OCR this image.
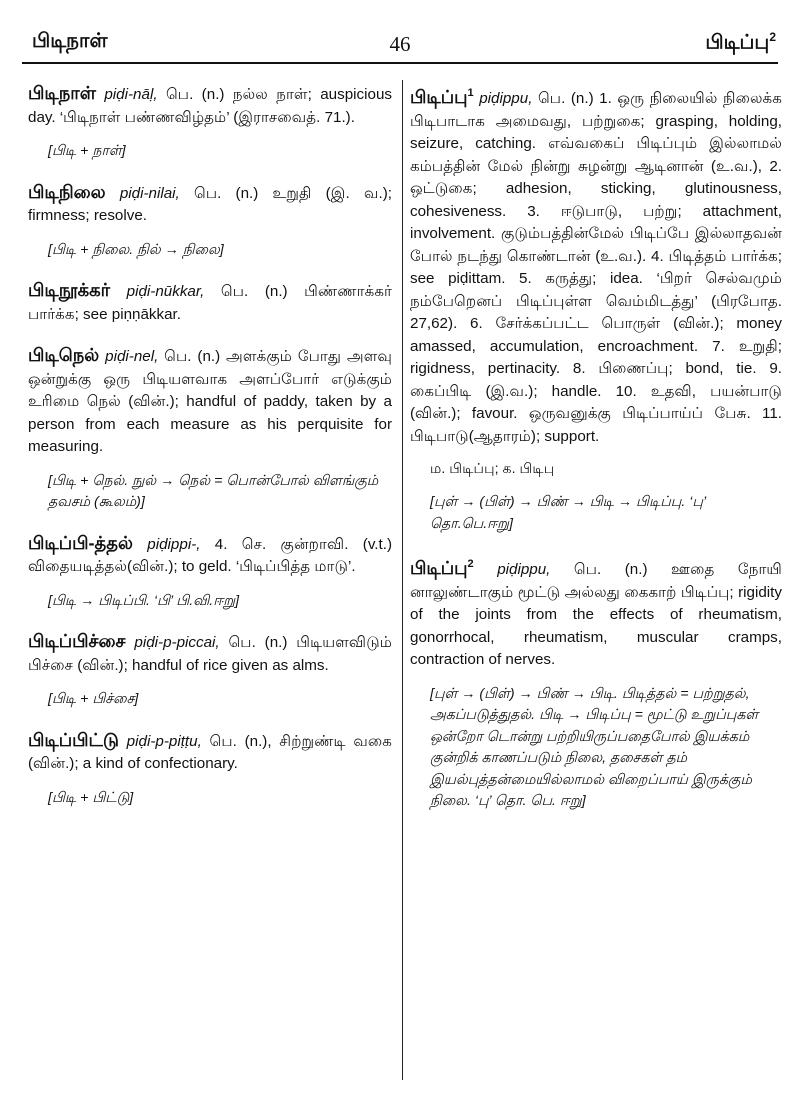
பிடிநாள்	46	பிடிப்பு$^2$

பிடிநாள் piḍi-nāḷ, பெ. (n.) நல்ல நாள்; auspicious day. ‘பிடிநாள் பண்ணவிழ்தம்’ (இராசவைத். 71.).

[பிடி + நாள்]

பிடிநிலை piḍi-nilai, பெ. (n.) உறுதி (இ. வ.); firmness; resolve.

[பிடி + நிலை. நில் → நிலை]

பிடிநூக்கர் piḍi-nūkkar, பெ. (n.) பிண்ணாக்கர் பார்க்க; see piṇṇākkar.

பிடிநெல் piḍi-nel, பெ. (n.) அளக்கும் போது அளவு ஒன்றுக்கு ஒரு பிடியளவாக அளப்போர் எடுக்கும் உரிமை நெல் (வின்.); handful of paddy, taken by a person from each measure as his perquisite for measuring.

[பிடி + நெல். நுல் → நெல் = பொன்போல் விளங்கும் தவசம் (கூலம்)]

பிடிப்பி-த்தல் piḍippi-, 4. செ. குன்றாவி. (v.t.) விதையடித்தல்(வின்.); to geld. ‘பிடிப்பித்த மாடு’.

[பிடி → பிடிப்பி. ‘பி’ பி.வி.ஈறு]

பிடிப்பிச்சை piḍi-p-piccai, பெ. (n.) பிடியளவிடும் பிச்சை (வின்.); handful of rice given as alms.

[பிடி + பிச்சை]

பிடிப்பிட்டு piḍi-p-piṭṭu, பெ. (n.), சிற்றுண்டி வகை (வின்.); a kind of confectionary.

[பிடி + பிட்டு]

பிடிப்பு$^1$ piḍippu, பெ. (n.) 1. ஒரு நிலையில் நிலைக்க பிடிபாடாக அமைவது, பற்றுகை; grasping, holding, seizure, catching. எவ்வகைப் பிடிப்பும் இல்லாமல் கம்பத்தின் மேல் நின்று சுழன்று ஆடினான் (உ.வ.), 2. ஒட்டுகை; adhesion, sticking, glutinousness, cohesiveness. 3. ஈடுபாடு, பற்று; attachment, involvement. குடும்பத்தின்மேல் பிடிப்பே இல்லாதவன் போல் நடந்து கொண்டான் (உ.வ.). 4. பிடித்தம் பார்க்க; see piḍittam. 5. கருத்து; idea. ‘பிறர் செல்வமும் நம்பேறெனப் பிடிப்புள்ள வெம்மிடத்து’ (பிரபோத. 27,62). 6. சேர்க்கப்பட்ட பொருள் (வின்.); money amassed, accumulation, encroachment. 7. உறுதி; rigidness, pertinacity. 8. பிணைப்பு; bond, tie. 9. கைப்பிடி (இ.வ.); handle. 10. உதவி, பயன்பாடு (வின்.); favour. ஒருவனுக்கு பிடிப்பாய்ப் பேசு. 11. பிடிபாடு(ஆதாரம்); support.

ம. பிடிப்பு; க. பிடிபு

[புள் → (பிள்) → பிண் → பிடி → பிடிப்பு. ‘பு’ தொ.பெ.ஈறு]

பிடிப்பு$^2$ piḍippu, பெ. (n.) ஊதை நோயி னாலுண்டாகும் மூட்டு அல்லது கைகாற் பிடிப்பு; rigidity of the joints from the effects of rheumatism, gonorrhocal, rheumatism, muscular cramps, contraction of nerves.

[புள் → (பிள்) → பிண் → பிடி. பிடித்தல் = பற்றுதல், அகப்படுத்துதல். பிடி → பிடிப்பு = மூட்டு உறுப்புகள் ஒன்றோ டொன்று பற்றியிருப்பதைபோல் இயக்கம் குன்றிக் காணப்படும் நிலை, தசைகள் தம் இயல்புத்தன்மையில்லாமல் விறைப்பாய் இருக்கும் நிலை. ‘பு’ தொ. பெ. ஈறு]
